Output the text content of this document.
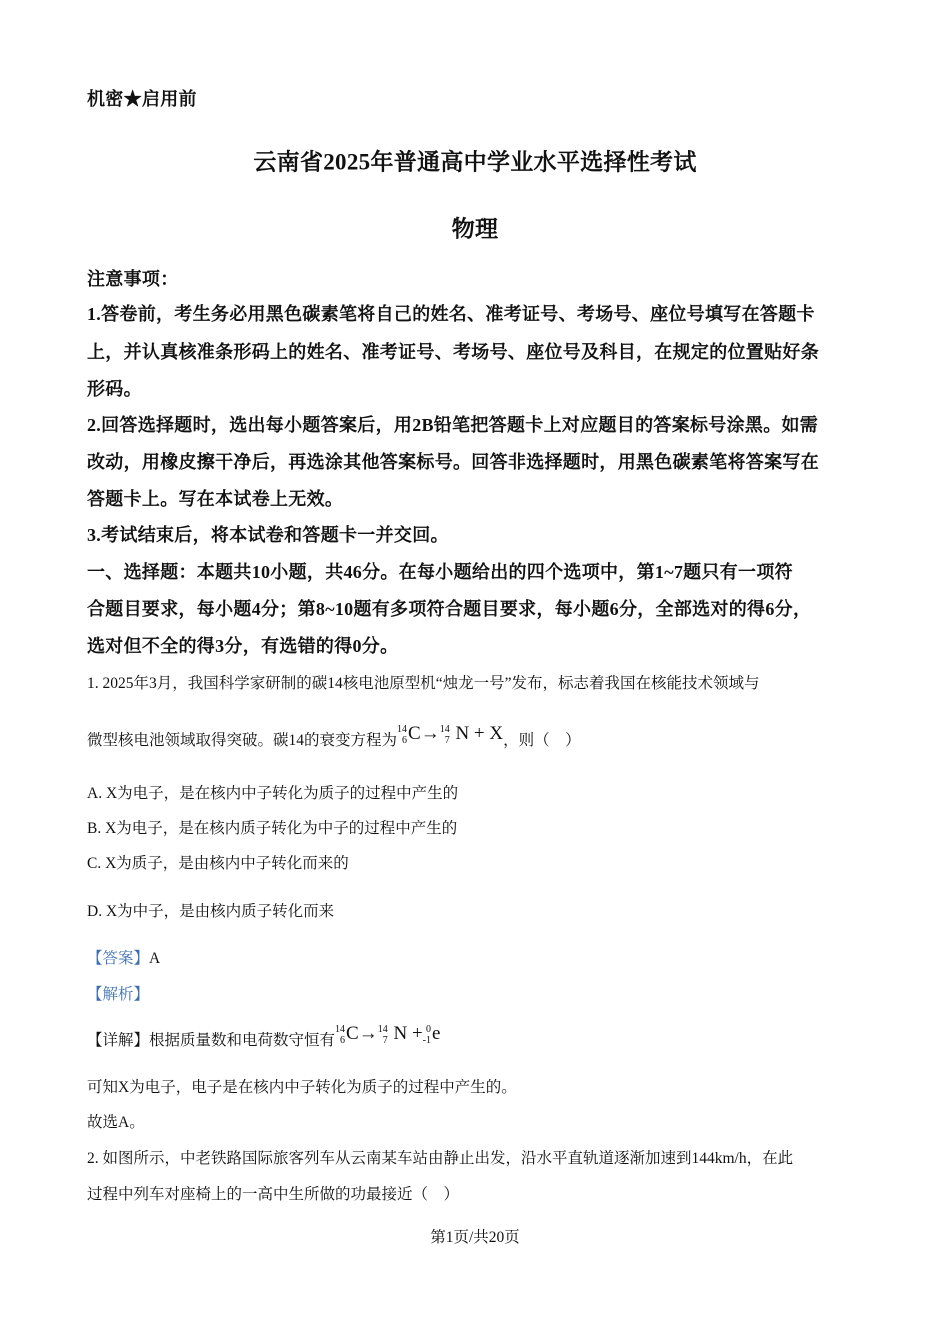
机密★启用前
云南省2025年普通高中学业水平选择性考试
物理
注意事项：
1.答卷前，考生务必用黑色碳素笔将自己的姓名、准考证号、考场号、座位号填写在答题卡
上，并认真核准条形码上的姓名、准考证号、考场号、座位号及科目，在规定的位置贴好条
形码。
2.回答选择题时，选出每小题答案后，用2B铅笔把答题卡上对应题目的答案标号涂黑。如需
改动，用橡皮擦干净后，再选涂其他答案标号。回答非选择题时，用黑色碳素笔将答案写在
答题卡上。写在本试卷上无效。
3.考试结束后，将本试卷和答题卡一并交回。
一、选择题：本题共10小题，共46分。在每小题给出的四个选项中，第1~7题只有一项符
合题目要求，每小题4分；第8~10题有多项符合题目要求，每小题6分，全部选对的得6分，
选对但不全的得3分，有选错的得0分。
1. 2025年3月，我国科学家研制的碳14核电池原型机“烛龙一号”发布，标志着我国在核能技术领域与
微型核电池领域取得突破。碳14的衰变方程为
14
6 C→ 14
7 N + X，则（　）
A. X为电子，是在核内中子转化为质子的过程中产生的
B. X为电子，是在核内质子转化为中子的过程中产生的
C. X为质子，是由核内中子转化而来的
D. X为中子，是由核内质子转化而来
【答案】A
【解析】
【详解】根据质量数和电荷数守恒有
14
6 C→ 14
7 N + 0
-1 e
可知X为电子，电子是在核内中子转化为质子的过程中产生的。
故选A。
2. 如图所示，中老铁路国际旅客列车从云南某车站由静止出发，沿水平直轨道逐渐加速到144km/h，在此
过程中列车对座椅上的一高中生所做的功最接近（　）
第1页/共20页
